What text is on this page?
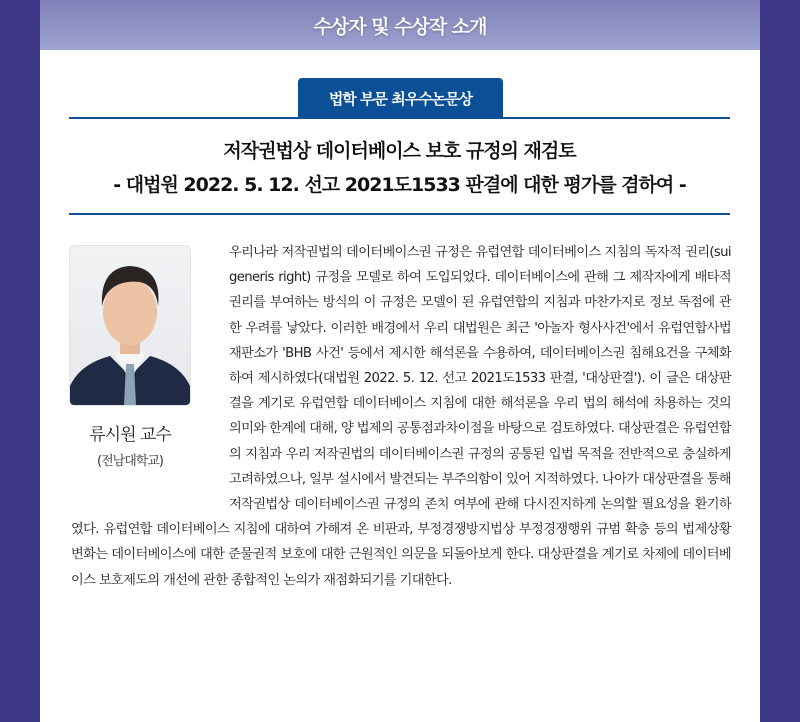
수상자 및 수상작 소개
법학 부문 최우수논문상
저작권법상 데이터베이스 보호 규정의 재검토
- 대법원 2022. 5. 12. 선고 2021도1533 판결에 대한 평가를 겸하여 -
류시원 교수
(전남대학교)
우리나라 저작권법의 데이터베이스권 규정은 유럽연합 데이터베이스 지침의 독자적 권리(sui generis right) 규정을 모델로 하여 도입되었다. 데이터베이스에 관해 그 제작자에게 배타적 권리를 부여하는 방식의 이 규정은 모델이 된 유럽연합의 지침과 마찬가지로 정보 독점에 관한 우려를 낳았다. 이러한 배경에서 우리 대법원은 최근 '아놀자 형사사건'에서 유럽연합사법재판소가 'BHB 사건' 등에서 제시한 해석론을 수용하여, 데이터베이스권 침해요건을 구체화하여 제시하였다(대법원 2022. 5. 12. 선고 2021도1533 판결, '대상판결'). 이 글은 대상판결을 계기로 유럽연합 데이터베이스 지침에 대한 해석론을 우리 법의 해석에 차용하는 것의 의미와 한계에 대해, 양 법제의 공통점과차이점을 바탕으로 검토하였다. 대상판결은 유럽연합의 지침과 우리 저작권법의 데이터베이스권 규정의 공통된 입법 목적을 전반적으로 충실하게 고려하였으나, 일부 설시에서 발견되는 부주의함이 있어 지적하였다. 나아가 대상판결을 통해 저작권법상 데이터베이스권 규정의 존치 여부에 관해 다시진지하게 논의할 필요성을 환기하였다. 유럽연합 데이터베이스 지침에 대하여 가해져 온 비판과, 부정경쟁방지법상 부정경쟁행위 규범 확충 등의 법제상황 변화는 데이터베이스에 대한 준물권적 보호에 대한 근원적인 의문을 되돌아보게 한다. 대상판결을 계기로 차제에 데이터베이스 보호제도의 개선에 관한 종합적인 논의가 재점화되기를 기대한다.
